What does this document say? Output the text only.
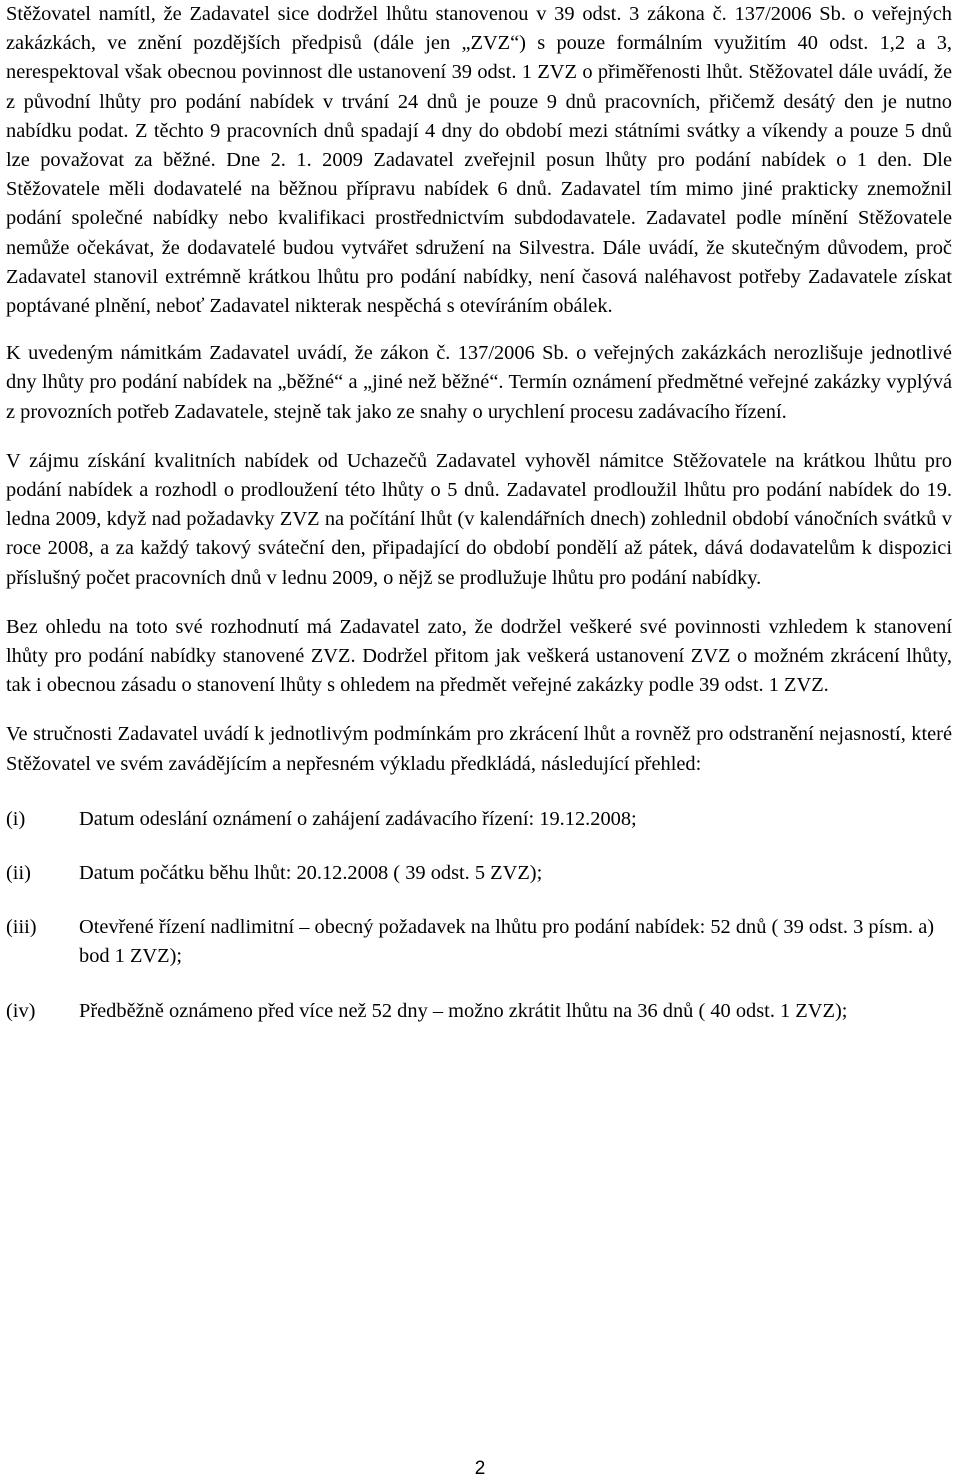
Stěžovatel namítl, že Zadavatel sice dodržel lhůtu stanovenou v 39 odst. 3 zákona č. 137/2006 Sb. o veřejných zakázkách, ve znění pozdějších předpisů (dále jen „ZVZ“) s pouze formálním využitím 40 odst. 1,2 a 3, nerespektoval však obecnou povinnost dle ustanovení 39 odst. 1 ZVZ o přiměřenosti lhůt. Stěžovatel dále uvádí, že z původní lhůty pro podání nabídek v trvání 24 dnů je pouze 9 dnů pracovních, přičemž desátý den je nutno nabídku podat. Z těchto 9 pracovních dnů spadají 4 dny do období mezi státními svátky a víkendy a pouze 5 dnů lze považovat za běžné. Dne 2. 1. 2009 Zadavatel zveřejnil posun lhůty pro podání nabídek o 1 den. Dle Stěžovatele měli dodavatelé na běžnou přípravu nabídek 6 dnů. Zadavatel tím mimo jiné prakticky znemožnil podání společné nabídky nebo kvalifikaci prostřednictvím subdodavatele. Zadavatel podle mínění Stěžovatele nemůže očekávat, že dodavatelé budou vytvářet sdružení na Silvestra. Dále uvádí, že skutečným důvodem, proč Zadavatel stanovil extrémně krátkou lhůtu pro podání nabídky, není časová naléhavost potřeby Zadavatele získat poptávané plnění, neboť Zadavatel nikterak nespěchá s otevíráním obálek.

K uvedeným námitkám Zadavatel uvádí, že zákon č. 137/2006 Sb. o veřejných zakázkách nerozlišuje jednotlivé dny lhůty pro podání nabídek na „běžné“ a „jiné než běžné“. Termín oznámení předmětné veřejné zakázky vyplývá z provozních potřeb Zadavatele, stejně tak jako ze snahy o urychlení procesu zadávacího řízení.

V zájmu získání kvalitních nabídek od Uchazečů Zadavatel vyhověl námitce Stěžovatele na krátkou lhůtu pro podání nabídek a rozhodl o prodloužení této lhůty o 5 dnů. Zadavatel prodloužil lhůtu pro podání nabídek do 19. ledna 2009, když nad požadavky ZVZ na počítání lhůt (v kalendářních dnech) zohlednil období vánočních svátků v roce 2008, a za každý takový sváteční den, připadající do období pondělí až pátek, dává dodavatelům k dispozici příslušný počet pracovních dnů v lednu 2009, o nějž se prodlužuje lhůtu pro podání nabídky.

Bez ohledu na toto své rozhodnutí má Zadavatel zato, že dodržel veškeré své povinnosti vzhledem k stanovení lhůty pro podání nabídky stanovené ZVZ. Dodržel přitom jak veškerá ustanovení ZVZ o možném zkrácení lhůty, tak i obecnou zásadu o stanovení lhůty s ohledem na předmět veřejné zakázky podle 39 odst. 1 ZVZ.

Ve stručnosti Zadavatel uvádí k jednotlivým podmínkám pro zkrácení lhůt a rovněž pro odstranění nejasností, které Stěžovatel ve svém zavádějícím a nepřesném výkladu předkládá, následující přehled:

(i)	Datum odeslání oznámení o zahájení zadávacího řízení: 19.12.2008;
(ii)	Datum počátku běhu lhůt: 20.12.2008 ( 39 odst. 5 ZVZ);
(iii)	Otevřené řízení nadlimitní – obecný požadavek na lhůtu pro podání nabídek: 52 dnů ( 39 odst. 3 písm. a) bod 1 ZVZ);
(iv)	Předběžně oznámeno před více než 52 dny – možno zkrátit lhůtu na 36 dnů ( 40 odst. 1 ZVZ);
2
